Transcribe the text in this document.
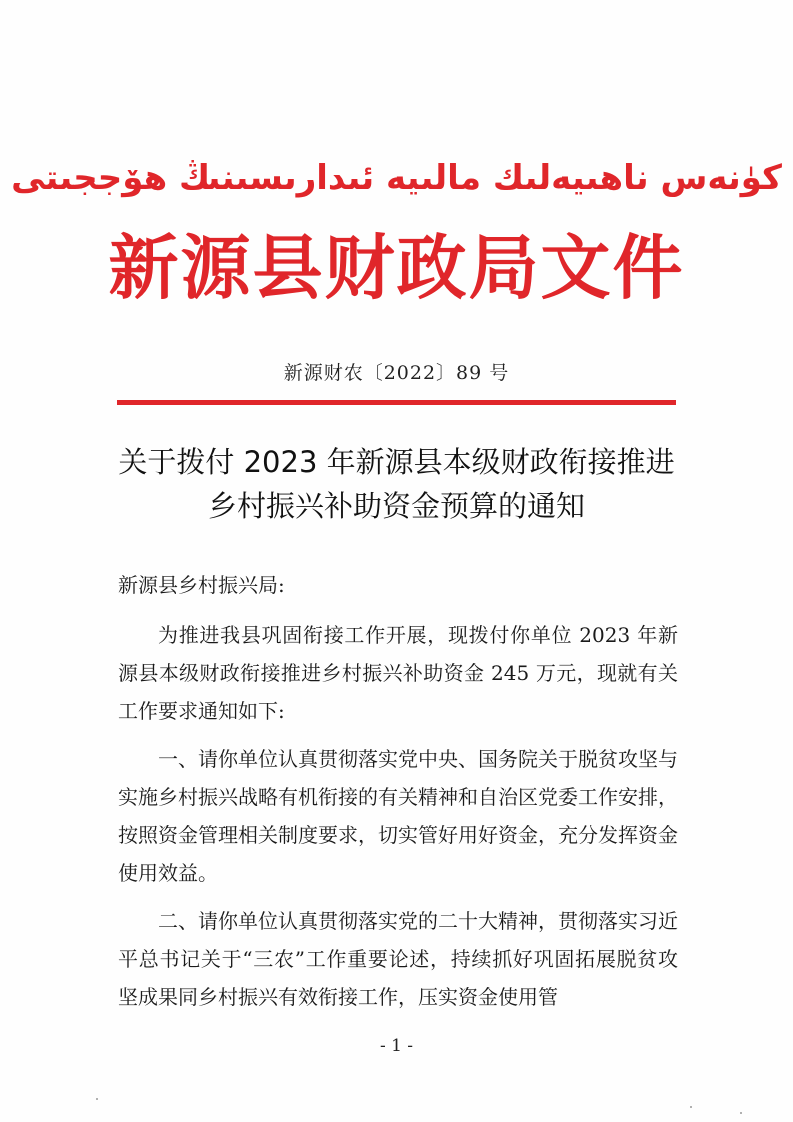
كۈنەس ناھىيەلىك مالىيە ئىدارىسىنىڭ ھۆججىتى
新源县财政局文件
新源财农〔2022〕89 号
关于拨付 2023 年新源县本级财政衔接推进
乡村振兴补助资金预算的通知
新源县乡村振兴局:

为推进我县巩固衔接工作开展，现拨付你单位 2023 年新源县本级财政衔接推进乡村振兴补助资金 245 万元，现就有关工作要求通知如下:

一、请你单位认真贯彻落实党中央、国务院关于脱贫攻坚与实施乡村振兴战略有机衔接的有关精神和自治区党委工作安排，按照资金管理相关制度要求，切实管好用好资金，充分发挥资金使用效益。

二、请你单位认真贯彻落实党的二十大精神，贯彻落实习近平总书记关于“三农”工作重要论述，持续抓好巩固拓展脱贫攻坚成果同乡村振兴有效衔接工作，压实资金使用管

- 1 -
